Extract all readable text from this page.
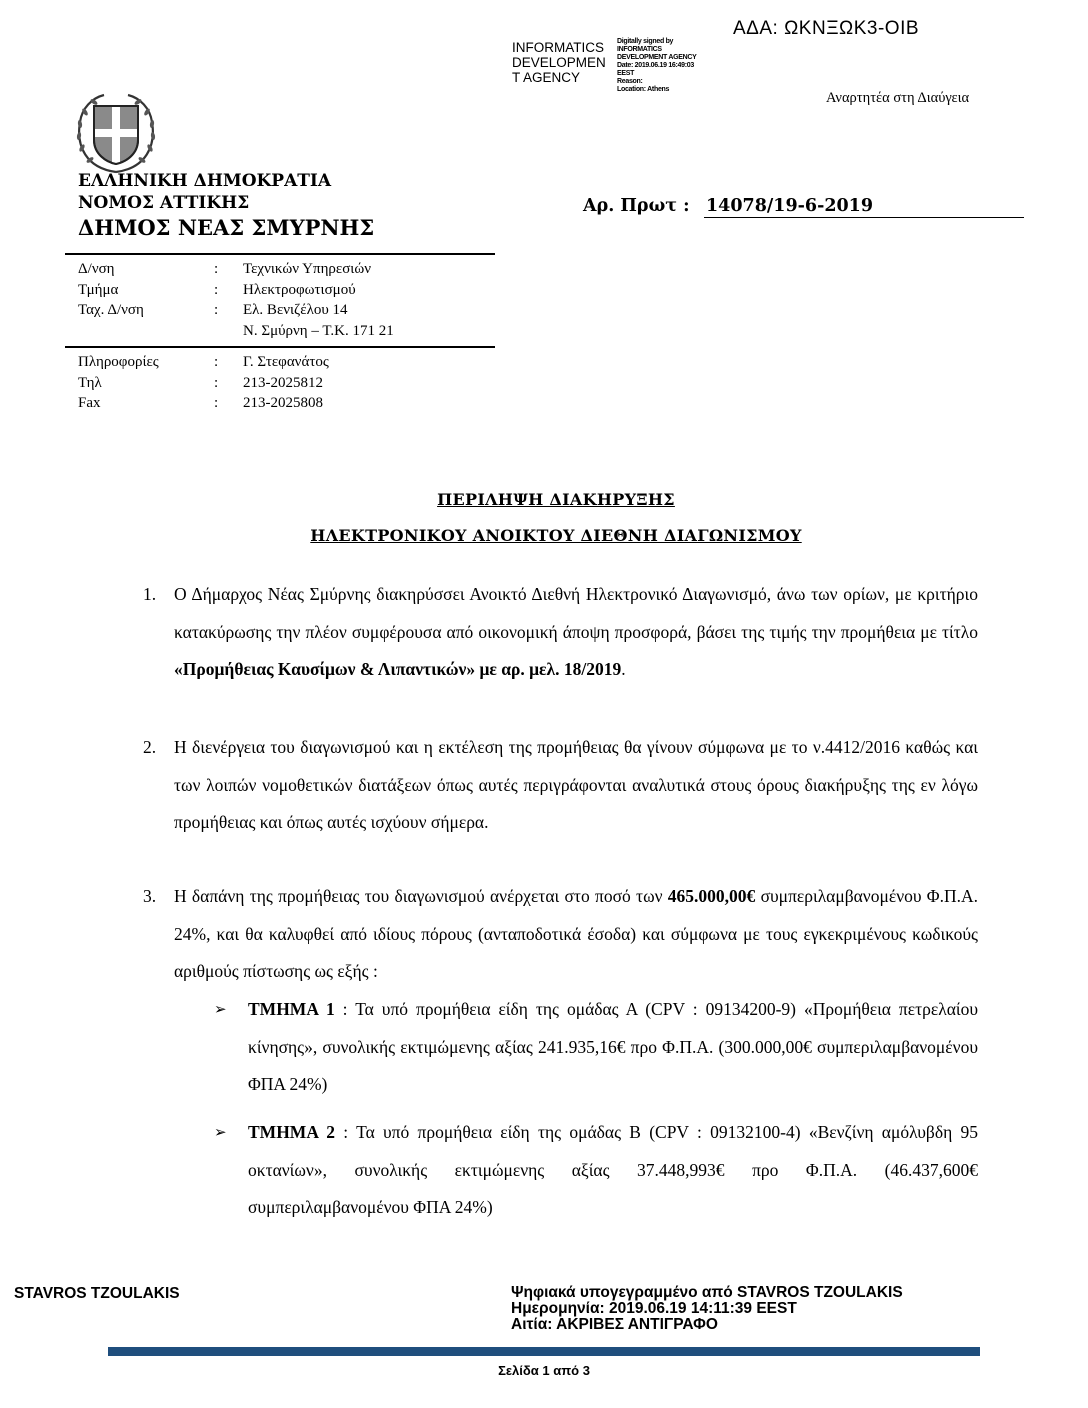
ΑΔΑ: ΩΚΝΞΩΚ3-ΟΙΒ
INFORMATICS
DEVELOPMEN
T AGENCY
Digitally signed by
INFORMATICS
DEVELOPMENT AGENCY
Date: 2019.06.19 16:49:03
EEST
Reason:
Location: Athens
Αναρτητέα στη Διαύγεια
ΕΛΛΗΝΙΚΗ ΔΗΜΟΚΡΑΤΙΑ
ΝΟΜΟΣ ΑΤΤΙΚΗΣ
ΔΗΜΟΣ ΝΕΑΣ ΣΜΥΡΝΗΣ
Αρ. Πρωτ : 14078/19-6-2019
Δ/νση	: Τεχνικών Υπηρεσιών
Τμήμα	: Ηλεκτροφωτισμού
Ταχ. Δ/νση	: Ελ. Βενιζέλου 14
Ν. Σμύρνη – Τ.Κ. 171 21
Πληροφορίες	: Γ. Στεφανάτος
Τηλ	: 213-2025812
Fax	: 213-2025808
ΠΕΡΙΛΗΨΗ ΔΙΑΚΗΡΥΞΗΣ
ΗΛΕΚΤΡΟΝΙΚΟΥ ΑΝΟΙΚΤΟΥ ΔΙΕΘΝΗ ΔΙΑΓΩΝΙΣΜΟΥ
1. Ο Δήμαρχος Νέας Σμύρνης διακηρύσσει Ανοικτό Διεθνή Ηλεκτρονικό Διαγωνισμό, άνω των ορίων, με κριτήριο κατακύρωσης την πλέον συμφέρουσα από οικονομική άποψη προσφορά, βάσει της τιμής την προμήθεια με τίτλο «Προμήθειας Καυσίμων & Λιπαντικών» με αρ. μελ. 18/2019.
2. Η διενέργεια του διαγωνισμού και η εκτέλεση της προμήθειας θα γίνουν σύμφωνα με το ν.4412/2016 καθώς και των λοιπών νομοθετικών διατάξεων όπως αυτές περιγράφονται αναλυτικά στους όρους διακήρυξης της εν λόγω προμήθειας και όπως αυτές ισχύουν σήμερα.
3. Η δαπάνη της προμήθειας του διαγωνισμού ανέρχεται στο ποσό των 465.000,00€ συμπεριλαμβανομένου Φ.Π.Α. 24%, και θα καλυφθεί από ιδίους πόρους (ανταποδοτικά έσοδα) και σύμφωνα με τους εγκεκριμένους κωδικούς αριθμούς πίστωσης ως εξής :
➢ ΤΜΗΜΑ 1 : Τα υπό προμήθεια είδη της ομάδας Α (CPV : 09134200-9) «Προμήθεια πετρελαίου κίνησης», συνολικής εκτιμώμενης αξίας 241.935,16€ προ Φ.Π.Α. (300.000,00€ συμπεριλαμβανομένου ΦΠΑ 24%)
➢ ΤΜΗΜΑ 2 : Τα υπό προμήθεια είδη της ομάδας Β (CPV : 09132100-4) «Βενζίνη αμόλυβδη 95 οκτανίων», συνολικής εκτιμώμενης αξίας 37.448,993€ προ Φ.Π.Α. (46.437,600€ συμπεριλαμβανομένου ΦΠΑ 24%)
STAVROS TZOULAKIS	Ψηφιακά υπογεγραμμένο από STAVROS TZOULAKIS
Ημερομηνία: 2019.06.19 14:11:39 EEST
Αιτία: ΑΚΡΙΒΕΣ ΑΝΤΙΓΡΑΦΟ
Σελίδα 1 από 3
